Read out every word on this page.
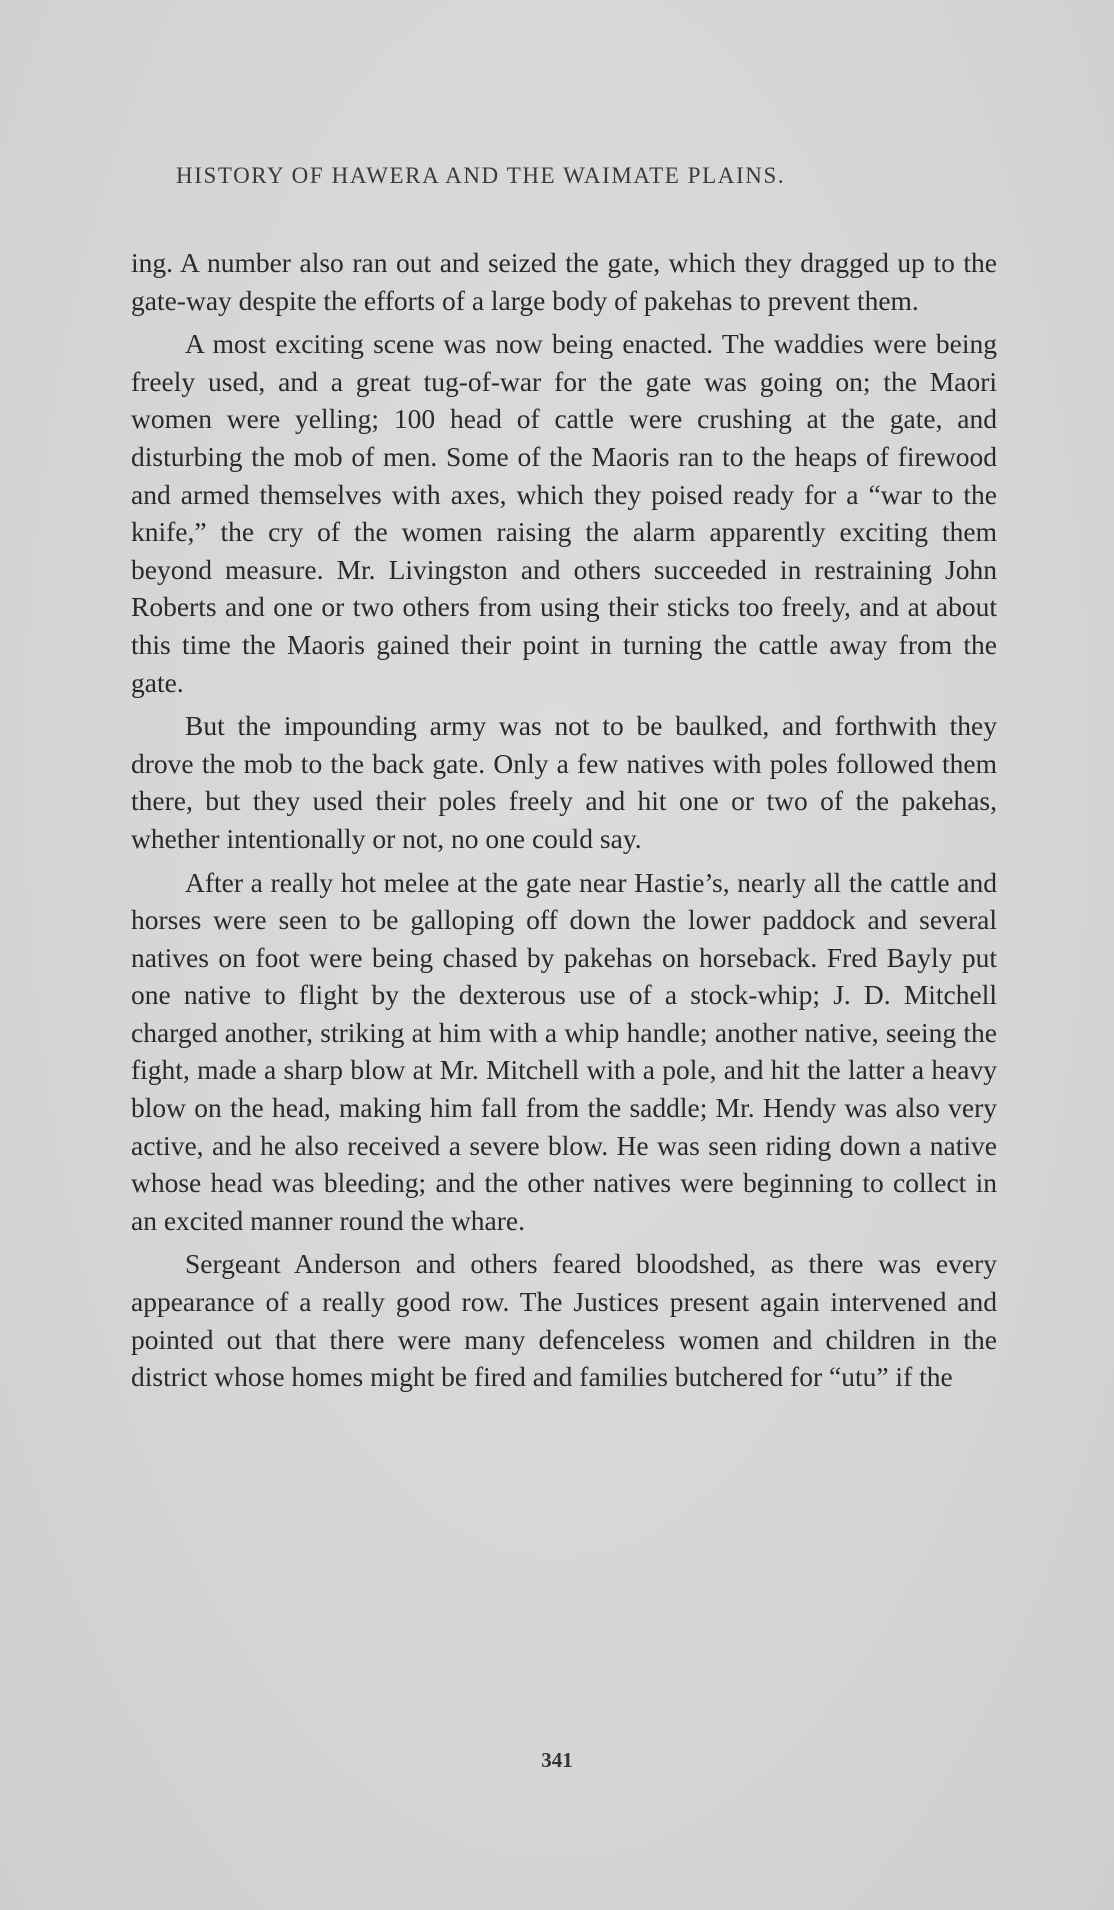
HISTORY OF HAWERA AND THE WAIMATE PLAINS.

ing. A number also ran out and seized the gate, which they dragged up to the gate-way despite the efforts of a large body of pakehas to prevent them.

A most exciting scene was now being enacted. The waddies were being freely used, and a great tug-of-war for the gate was going on; the Maori women were yelling; 100 head of cattle were crushing at the gate, and disturbing the mob of men. Some of the Maoris ran to the heaps of firewood and armed themselves with axes, which they poised ready for a “war to the knife,” the cry of the women raising the alarm apparently exciting them beyond measure. Mr. Livingston and others succeeded in restraining John Roberts and one or two others from using their sticks too freely, and at about this time the Maoris gained their point in turning the cattle away from the gate.

But the impounding army was not to be baulked, and forthwith they drove the mob to the back gate. Only a few natives with poles followed them there, but they used their poles freely and hit one or two of the pakehas, whether intentionally or not, no one could say.

After a really hot melee at the gate near Hastie’s, nearly all the cattle and horses were seen to be galloping off down the lower paddock and several natives on foot were being chased by pakehas on horseback. Fred Bayly put one native to flight by the dexterous use of a stock-whip; J. D. Mitchell charged another, striking at him with a whip handle; another native, seeing the fight, made a sharp blow at Mr. Mitchell with a pole, and hit the latter a heavy blow on the head, making him fall from the saddle; Mr. Hendy was also very active, and he also received a severe blow. He was seen riding down a native whose head was bleeding; and the other natives were beginning to collect in an excited manner round the whare.

Sergeant Anderson and others feared bloodshed, as there was every appearance of a really good row. The Justices present again intervened and pointed out that there were many defenceless women and children in the district whose homes might be fired and families butchered for “utu” if the

341
